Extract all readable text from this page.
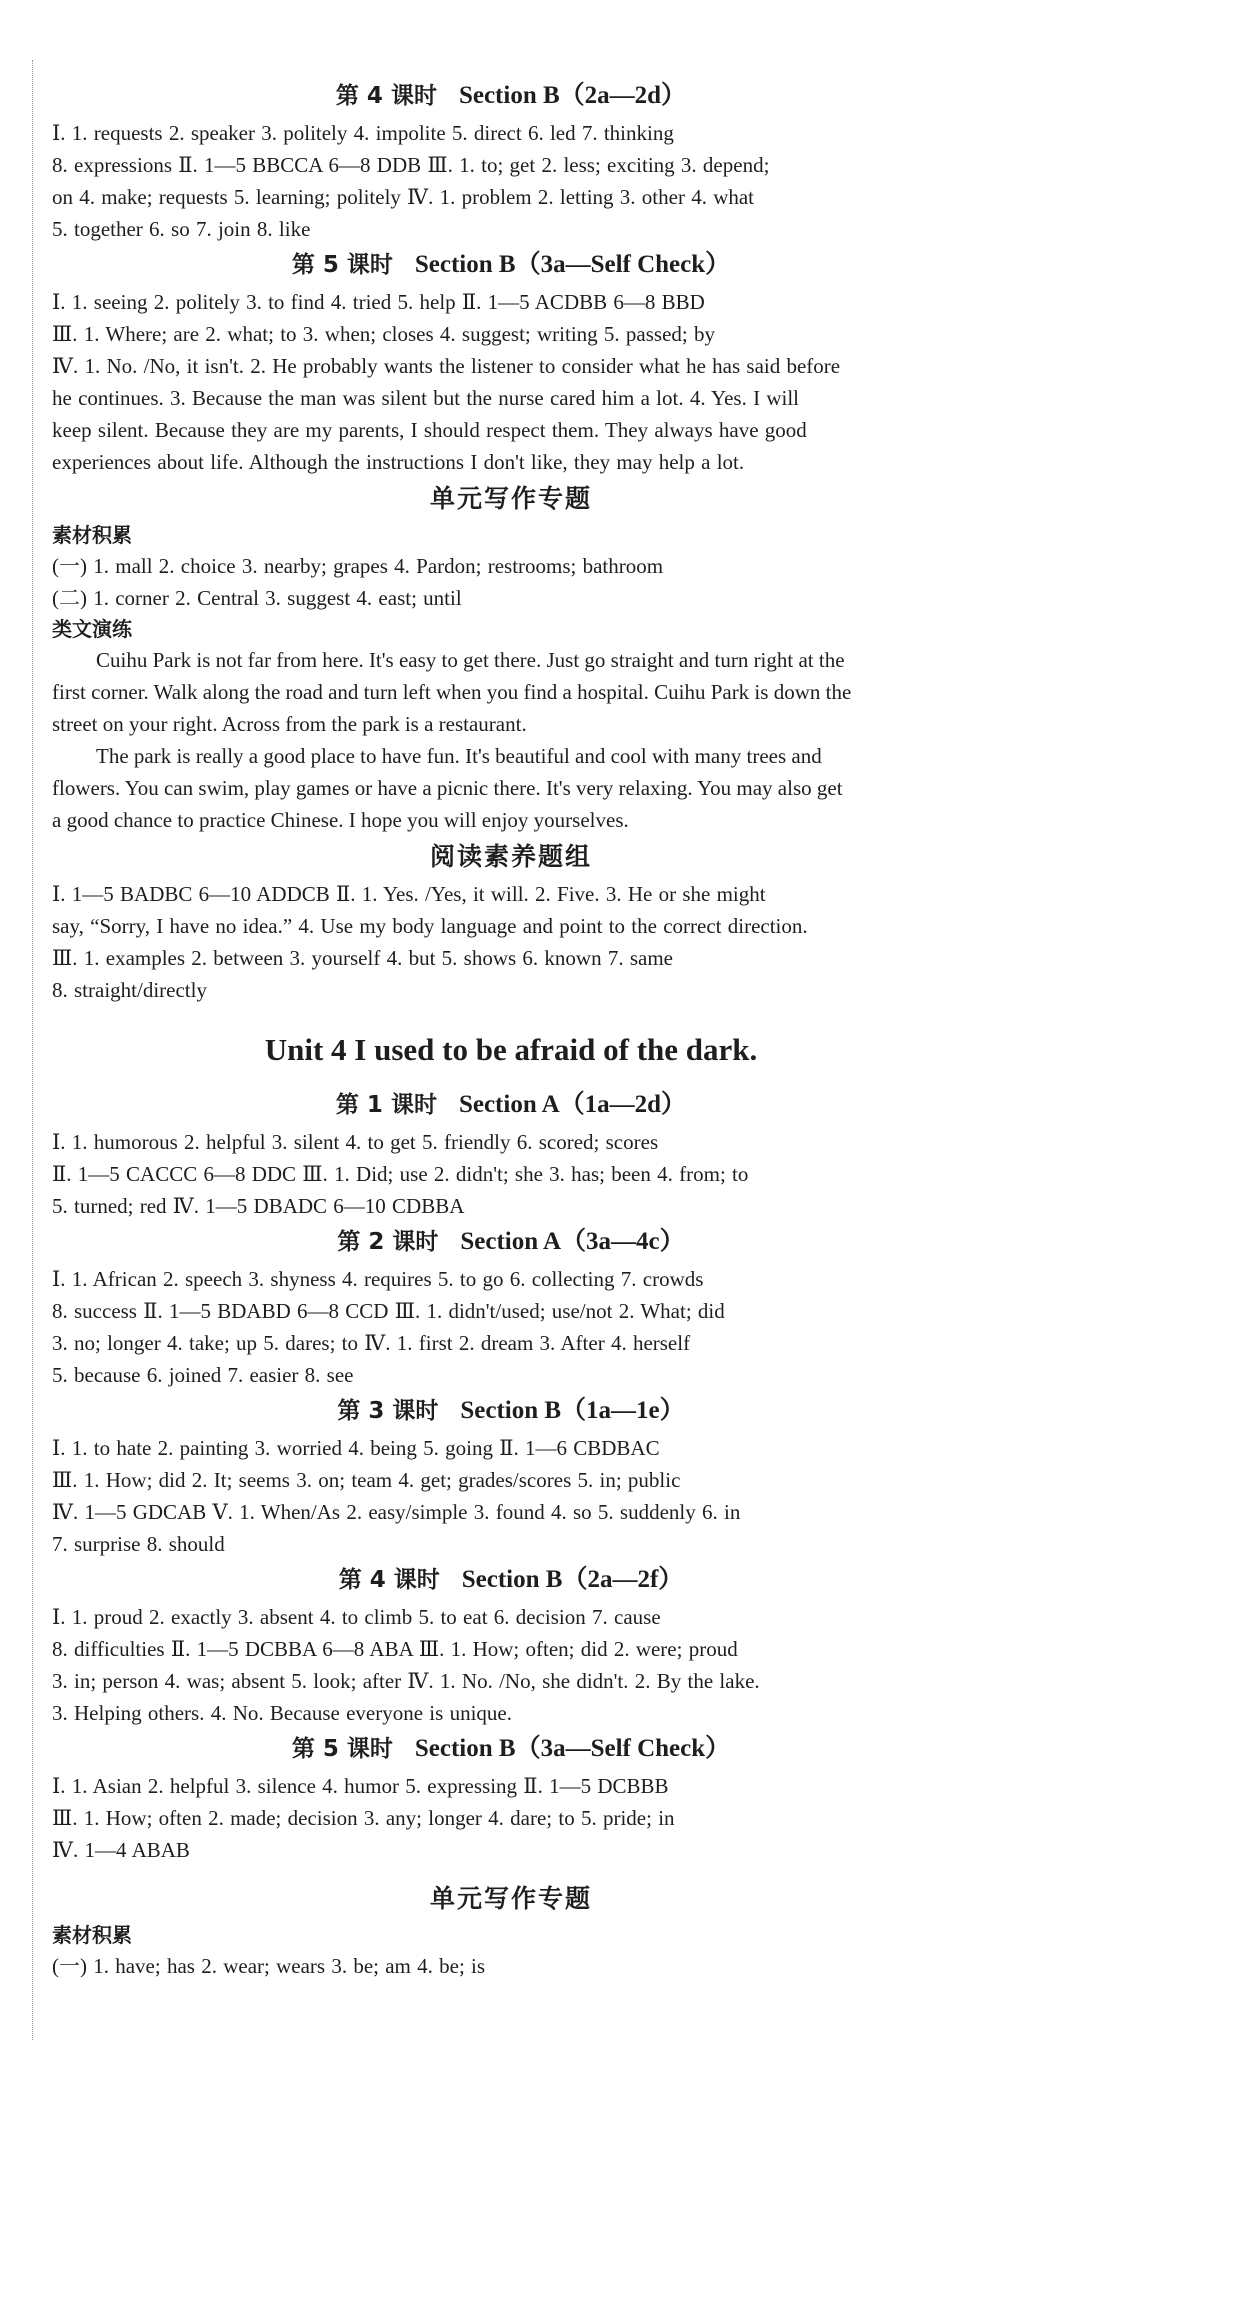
第 4 课时 Section B（2a—2d）
Ⅰ. 1. requests 2. speaker 3. politely 4. impolite 5. direct 6. led 7. thinking
8. expressions Ⅱ. 1—5 BBCCA 6—8 DDB Ⅲ. 1. to; get 2. less; exciting 3. depend;
on 4. make; requests 5. learning; politely Ⅳ. 1. problem 2. letting 3. other 4. what
5. together 6. so 7. join 8. like
第 5 课时 Section B（3a—Self Check）
Ⅰ. 1. seeing 2. politely 3. to find 4. tried 5. help Ⅱ. 1—5 ACDBB 6—8 BBD
Ⅲ. 1. Where; are 2. what; to 3. when; closes 4. suggest; writing 5. passed; by
Ⅳ. 1. No. /No, it isn't. 2. He probably wants the listener to consider what he has said before
he continues. 3. Because the man was silent but the nurse cared him a lot. 4. Yes. I will
keep silent. Because they are my parents, I should respect them. They always have good
experiences about life. Although the instructions I don't like, they may help a lot.
单元写作专题
素材积累
(一) 1. mall 2. choice 3. nearby; grapes 4. Pardon; restrooms; bathroom
(二) 1. corner 2. Central 3. suggest 4. east; until
类文演练
Cuihu Park is not far from here. It's easy to get there. Just go straight and turn right at the
first corner. Walk along the road and turn left when you find a hospital. Cuihu Park is down the
street on your right. Across from the park is a restaurant.
The park is really a good place to have fun. It's beautiful and cool with many trees and
flowers. You can swim, play games or have a picnic there. It's very relaxing. You may also get
a good chance to practice Chinese. I hope you will enjoy yourselves.
阅读素养题组
Ⅰ. 1—5 BADBC 6—10 ADDCB Ⅱ. 1. Yes. /Yes, it will. 2. Five. 3. He or she might
say, “Sorry, I have no idea.” 4. Use my body language and point to the correct direction.
Ⅲ. 1. examples 2. between 3. yourself 4. but 5. shows 6. known 7. same
8. straight/directly
Unit 4 I used to be afraid of the dark.
第 1 课时 Section A（1a—2d）
Ⅰ. 1. humorous 2. helpful 3. silent 4. to get 5. friendly 6. scored; scores
Ⅱ. 1—5 CACCC 6—8 DDC Ⅲ. 1. Did; use 2. didn't; she 3. has; been 4. from; to
5. turned; red Ⅳ. 1—5 DBADC 6—10 CDBBA
第 2 课时 Section A（3a—4c）
Ⅰ. 1. African 2. speech 3. shyness 4. requires 5. to go 6. collecting 7. crowds
8. success Ⅱ. 1—5 BDABD 6—8 CCD Ⅲ. 1. didn't/used; use/not 2. What; did
3. no; longer 4. take; up 5. dares; to Ⅳ. 1. first 2. dream 3. After 4. herself
5. because 6. joined 7. easier 8. see
第 3 课时 Section B（1a—1e）
Ⅰ. 1. to hate 2. painting 3. worried 4. being 5. going Ⅱ. 1—6 CBDBAC
Ⅲ. 1. How; did 2. It; seems 3. on; team 4. get; grades/scores 5. in; public
Ⅳ. 1—5 GDCAB Ⅴ. 1. When/As 2. easy/simple 3. found 4. so 5. suddenly 6. in
7. surprise 8. should
第 4 课时 Section B（2a—2f）
Ⅰ. 1. proud 2. exactly 3. absent 4. to climb 5. to eat 6. decision 7. cause
8. difficulties Ⅱ. 1—5 DCBBA 6—8 ABA Ⅲ. 1. How; often; did 2. were; proud
3. in; person 4. was; absent 5. look; after Ⅳ. 1. No. /No, she didn't. 2. By the lake.
3. Helping others. 4. No. Because everyone is unique.
第 5 课时 Section B（3a—Self Check）
Ⅰ. 1. Asian 2. helpful 3. silence 4. humor 5. expressing Ⅱ. 1—5 DCBBB
Ⅲ. 1. How; often 2. made; decision 3. any; longer 4. dare; to 5. pride; in
Ⅳ. 1—4 ABAB
单元写作专题
素材积累
(一) 1. have; has 2. wear; wears 3. be; am 4. be; is
